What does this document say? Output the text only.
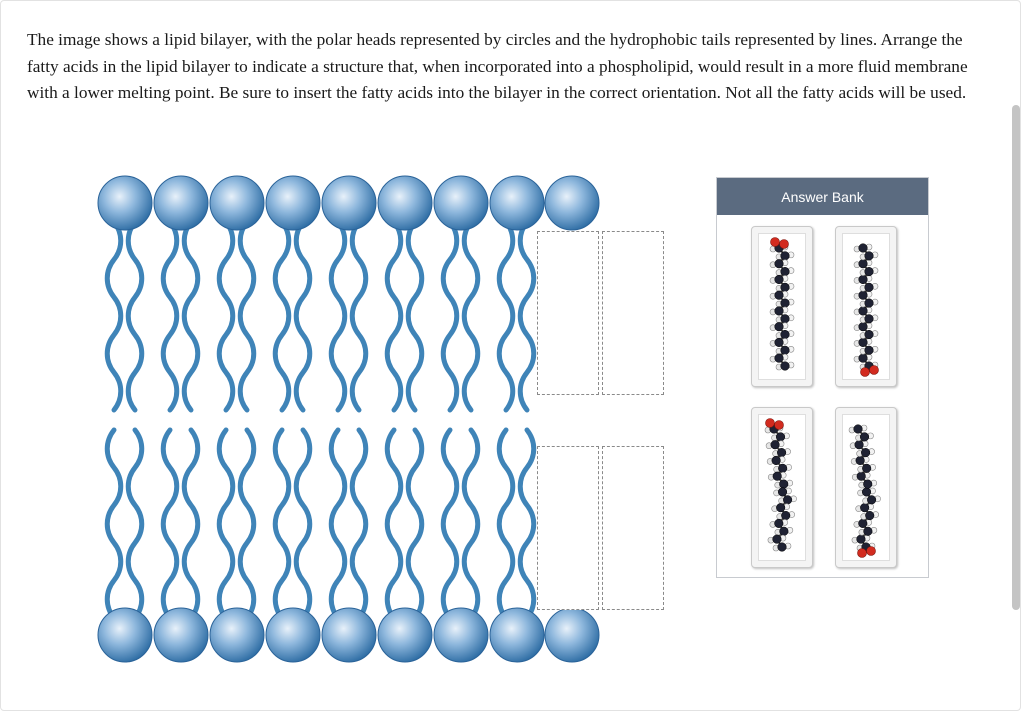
The image shows a lipid bilayer, with the polar heads represented by circles and the hydrophobic tails represented by lines. Arrange the fatty acids in the lipid bilayer to indicate a structure that, when incorporated into a phospholipid, would result in a more fluid membrane with a lower melting point. Be sure to insert the fatty acids into the bilayer in the correct orientation. Not all the fatty acids will be used.

Answer Bank
